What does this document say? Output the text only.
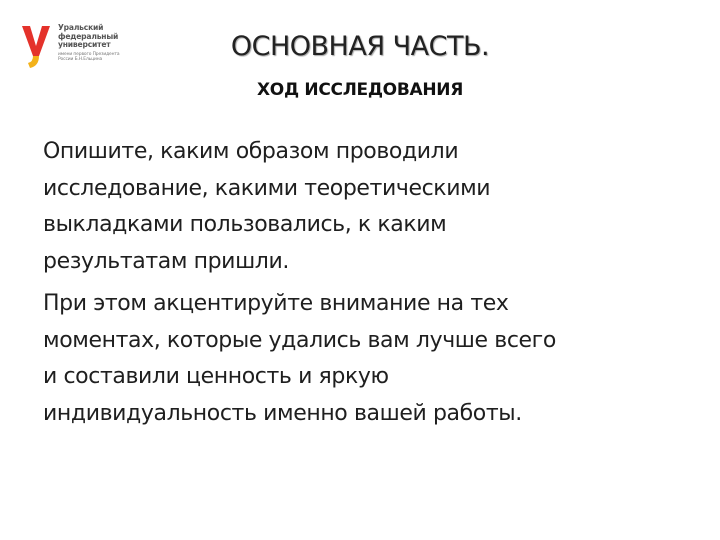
Уральский
федеральный
университет
имени первого Президента
России Б.Н.Ельцина	ОСНОВНАЯ ЧАСТЬ.
ХОД ИССЛЕДОВАНИЯ

Опишите, каким образом проводили
исследование, какими теоретическими
выкладками пользовались, к каким
результатам пришли.

При этом акцентируйте внимание на тех
моментах, которые удались вам лучше всего
и составили ценность и яркую
индивидуальность именно вашей работы.
